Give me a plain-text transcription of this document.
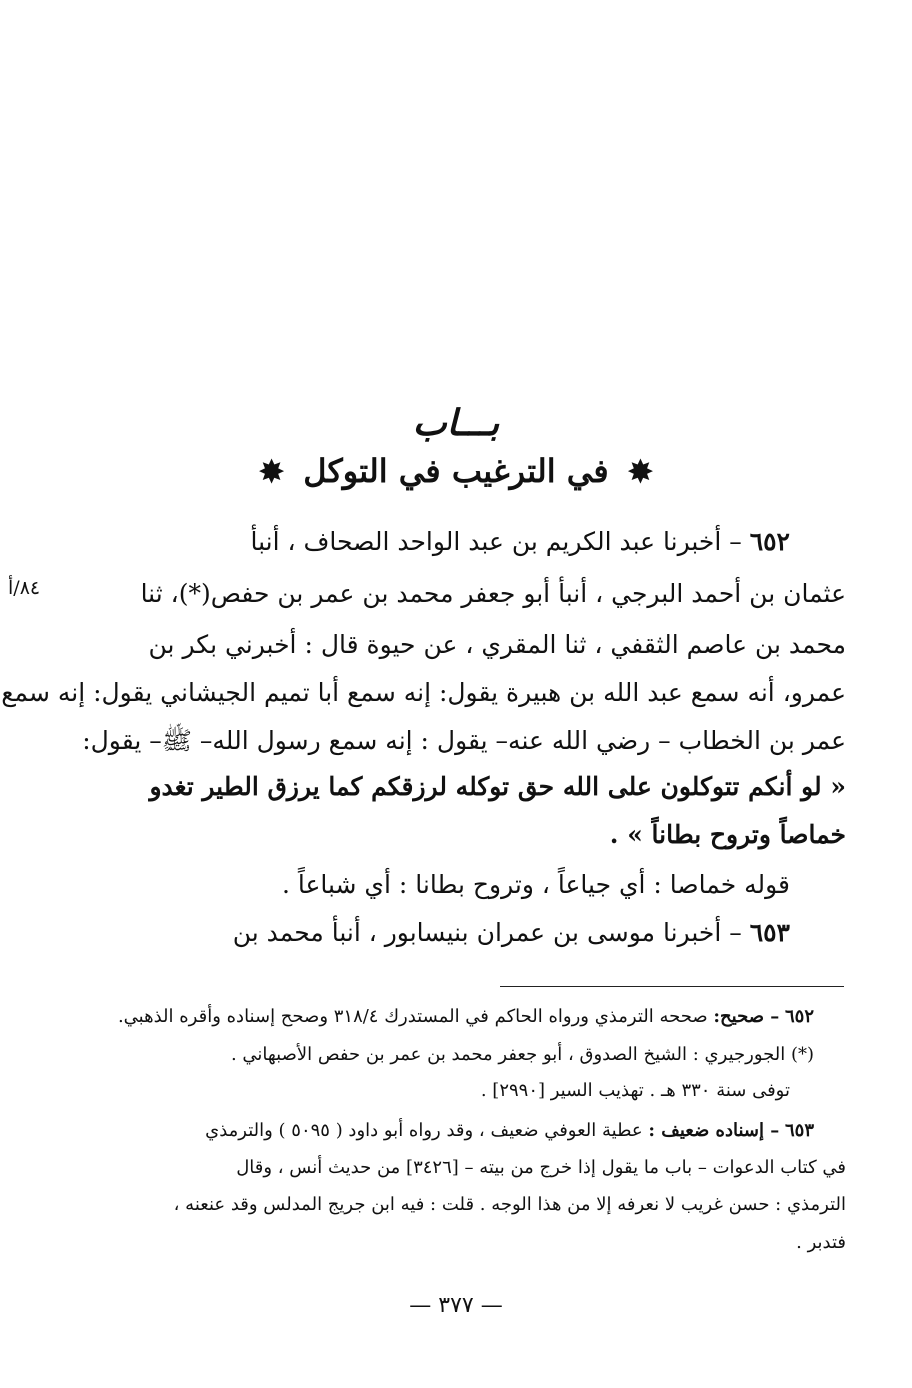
بـــاب
✸ في الترغيب في التوكل ✸
٨٤/أ
٦٥٢ – أخبرنا عبد الكريم بن عبد الواحد الصحاف ، أنبأ
عثمان بن أحمد البرجي ، أنبأ أبو جعفر محمد بن عمر بن حفص(*)، ثنا
محمد بن عاصم الثقفي ، ثنا المقري ، عن حيوة قال : أخبرني بكر بن
عمرو، أنه سمع عبد الله بن هبيرة يقول: إنه سمع أبا تميم الجيشاني يقول: إنه سمع
عمر بن الخطاب – رضي الله عنه– يقول : إنه سمع رسول الله– ﷺ– يقول:
« لو أنكم تتوكلون على الله حق توكله لرزقكم كما يرزق الطير تغدو
خماصاً وتروح بطاناً » .
قوله خماصا : أي جياعاً ، وتروح بطانا : أي شباعاً .
٦٥٣ – أخبرنا موسى بن عمران بنيسابور ، أنبأ محمد بن
٦٥٢ – صحيح: صححه الترمذي ورواه الحاكم في المستدرك ٣١٨/٤ وصحح إسناده وأقره الذهبي.
(*) الجورجيري : الشيخ الصدوق ، أبو جعفر محمد بن عمر بن حفص الأصبهاني .
توفى سنة ٣٣٠ هـ . تهذيب السير [٢٩٩٠] .
٦٥٣ – إسناده ضعيف : عطية العوفي ضعيف ، وقد رواه أبو داود ( ٥٠٩٥ ) والترمذي
في كتاب الدعوات – باب ما يقول إذا خرج من بيته – [٣٤٢٦] من حديث أنس ، وقال
الترمذي : حسن غريب لا نعرفه إلا من هذا الوجه . قلت : فيه ابن جريج المدلس وقد عنعنه ،
فتدبر .
— ٣٧٧ —
